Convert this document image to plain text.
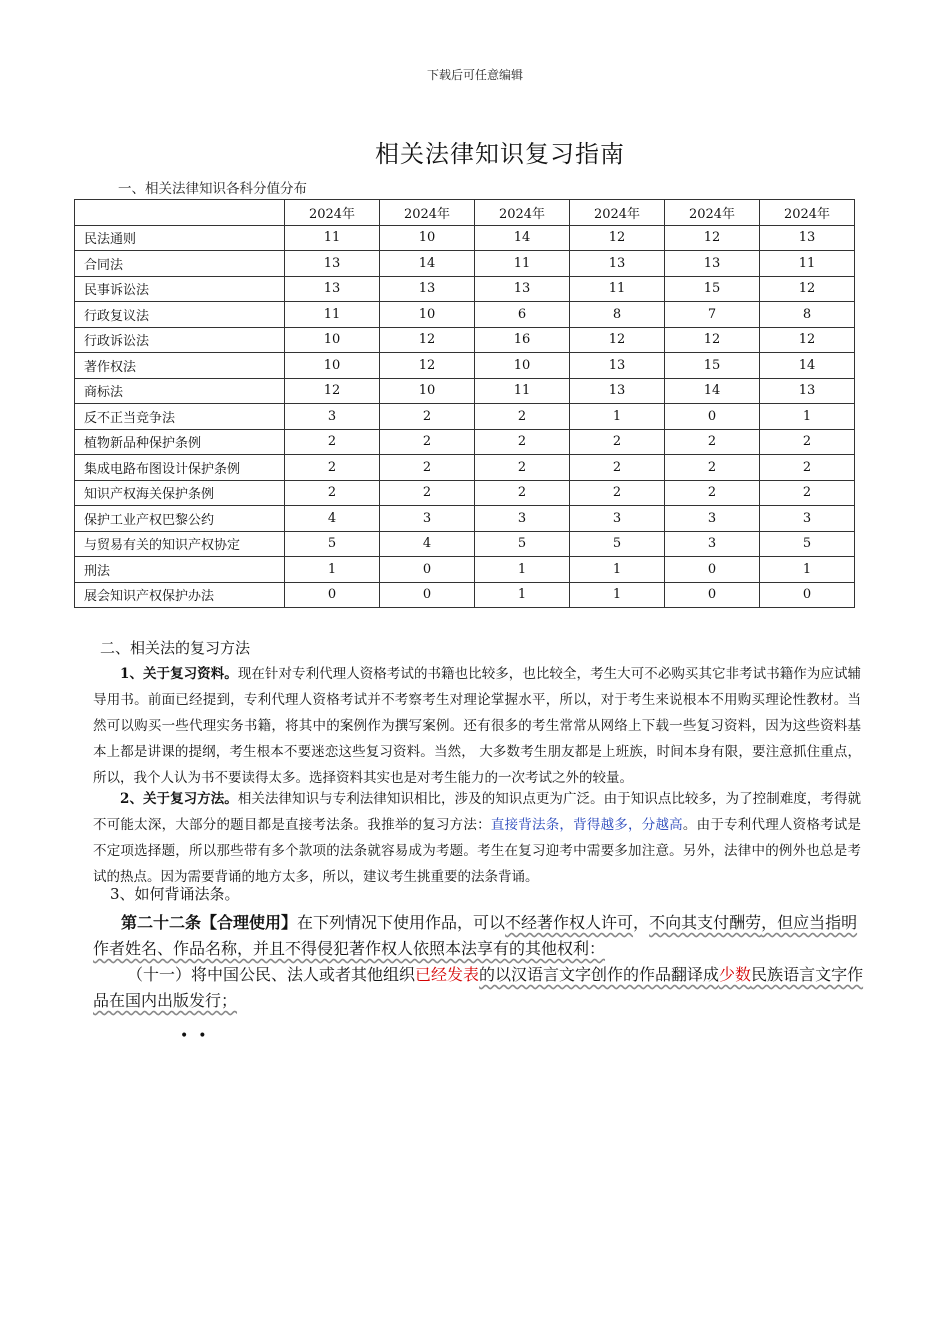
下载后可任意编辑
相关法律知识复习指南
一、相关法律知识各科分值分布
	2024年	2024年	2024年	2024年	2024年	2024年
民法通则	11	10	14	12	12	13
合同法	13	14	11	13	13	11
民事诉讼法	13	13	13	11	15	12
行政复议法	11	10	6	8	7	8
行政诉讼法	10	12	16	12	12	12
著作权法	10	12	10	13	15	14
商标法	12	10	11	13	14	13
反不正当竞争法	3	2	2	1	0	1
植物新品种保护条例	2	2	2	2	2	2
集成电路布图设计保护条例	2	2	2	2	2	2
知识产权海关保护条例	2	2	2	2	2	2
保护工业产权巴黎公约	4	3	3	3	3	3
与贸易有关的知识产权协定	5	4	5	5	3	5
刑法	1	0	1	1	0	1
展会知识产权保护办法	0	0	1	1	0	0
二、相关法的复习方法
1、关于复习资料。现在针对专利代理人资格考试的书籍也比较多，也比较全，考生大可不必购买其它非考试书籍作为应试辅导用书。前面已经提到，专利代理人资格考试并不考察考生对理论掌握水平，所以，对于考生来说根本不用购买理论性教材。当然可以购买一些代理实务书籍，将其中的案例作为撰写案例。还有很多的考生常常从网络上下载一些复习资料，因为这些资料基本上都是讲课的提纲，考生根本不要迷恋这些复习资料。当然， 大多数考生朋友都是上班族，时间本身有限，要注意抓住重点，所以，我个人认为书不要读得太多。选择资料其实也是对考生能力的一次考试之外的较量。
2、关于复习方法。相关法律知识与专利法律知识相比，涉及的知识点更为广泛。由于知识点比较多，为了控制难度，考得就不可能太深，大部分的题目都是直接考法条。我推举的复习方法：直接背法条，背得越多，分越高。由于专利代理人资格考试是不定项选择题，所以那些带有多个款项的法条就容易成为考题。考生在复习迎考中需要多加注意。另外，法律中的例外也总是考试的热点。因为需要背诵的地方太多，所以，建议考生挑重要的法条背诵。
3、如何背诵法条。
第二十二条【合理使用】在下列情况下使用作品，可以不经著作权人许可，不向其支付酬劳，但应当指明作者姓名、作品名称，并且不得侵犯著作权人依照本法享有的其他权利：
（十一）将中国公民、法人或者其他组织已经发表的以汉语言文字创作的作品翻译成少数民族语言文字作品在国内出版发行；
••
